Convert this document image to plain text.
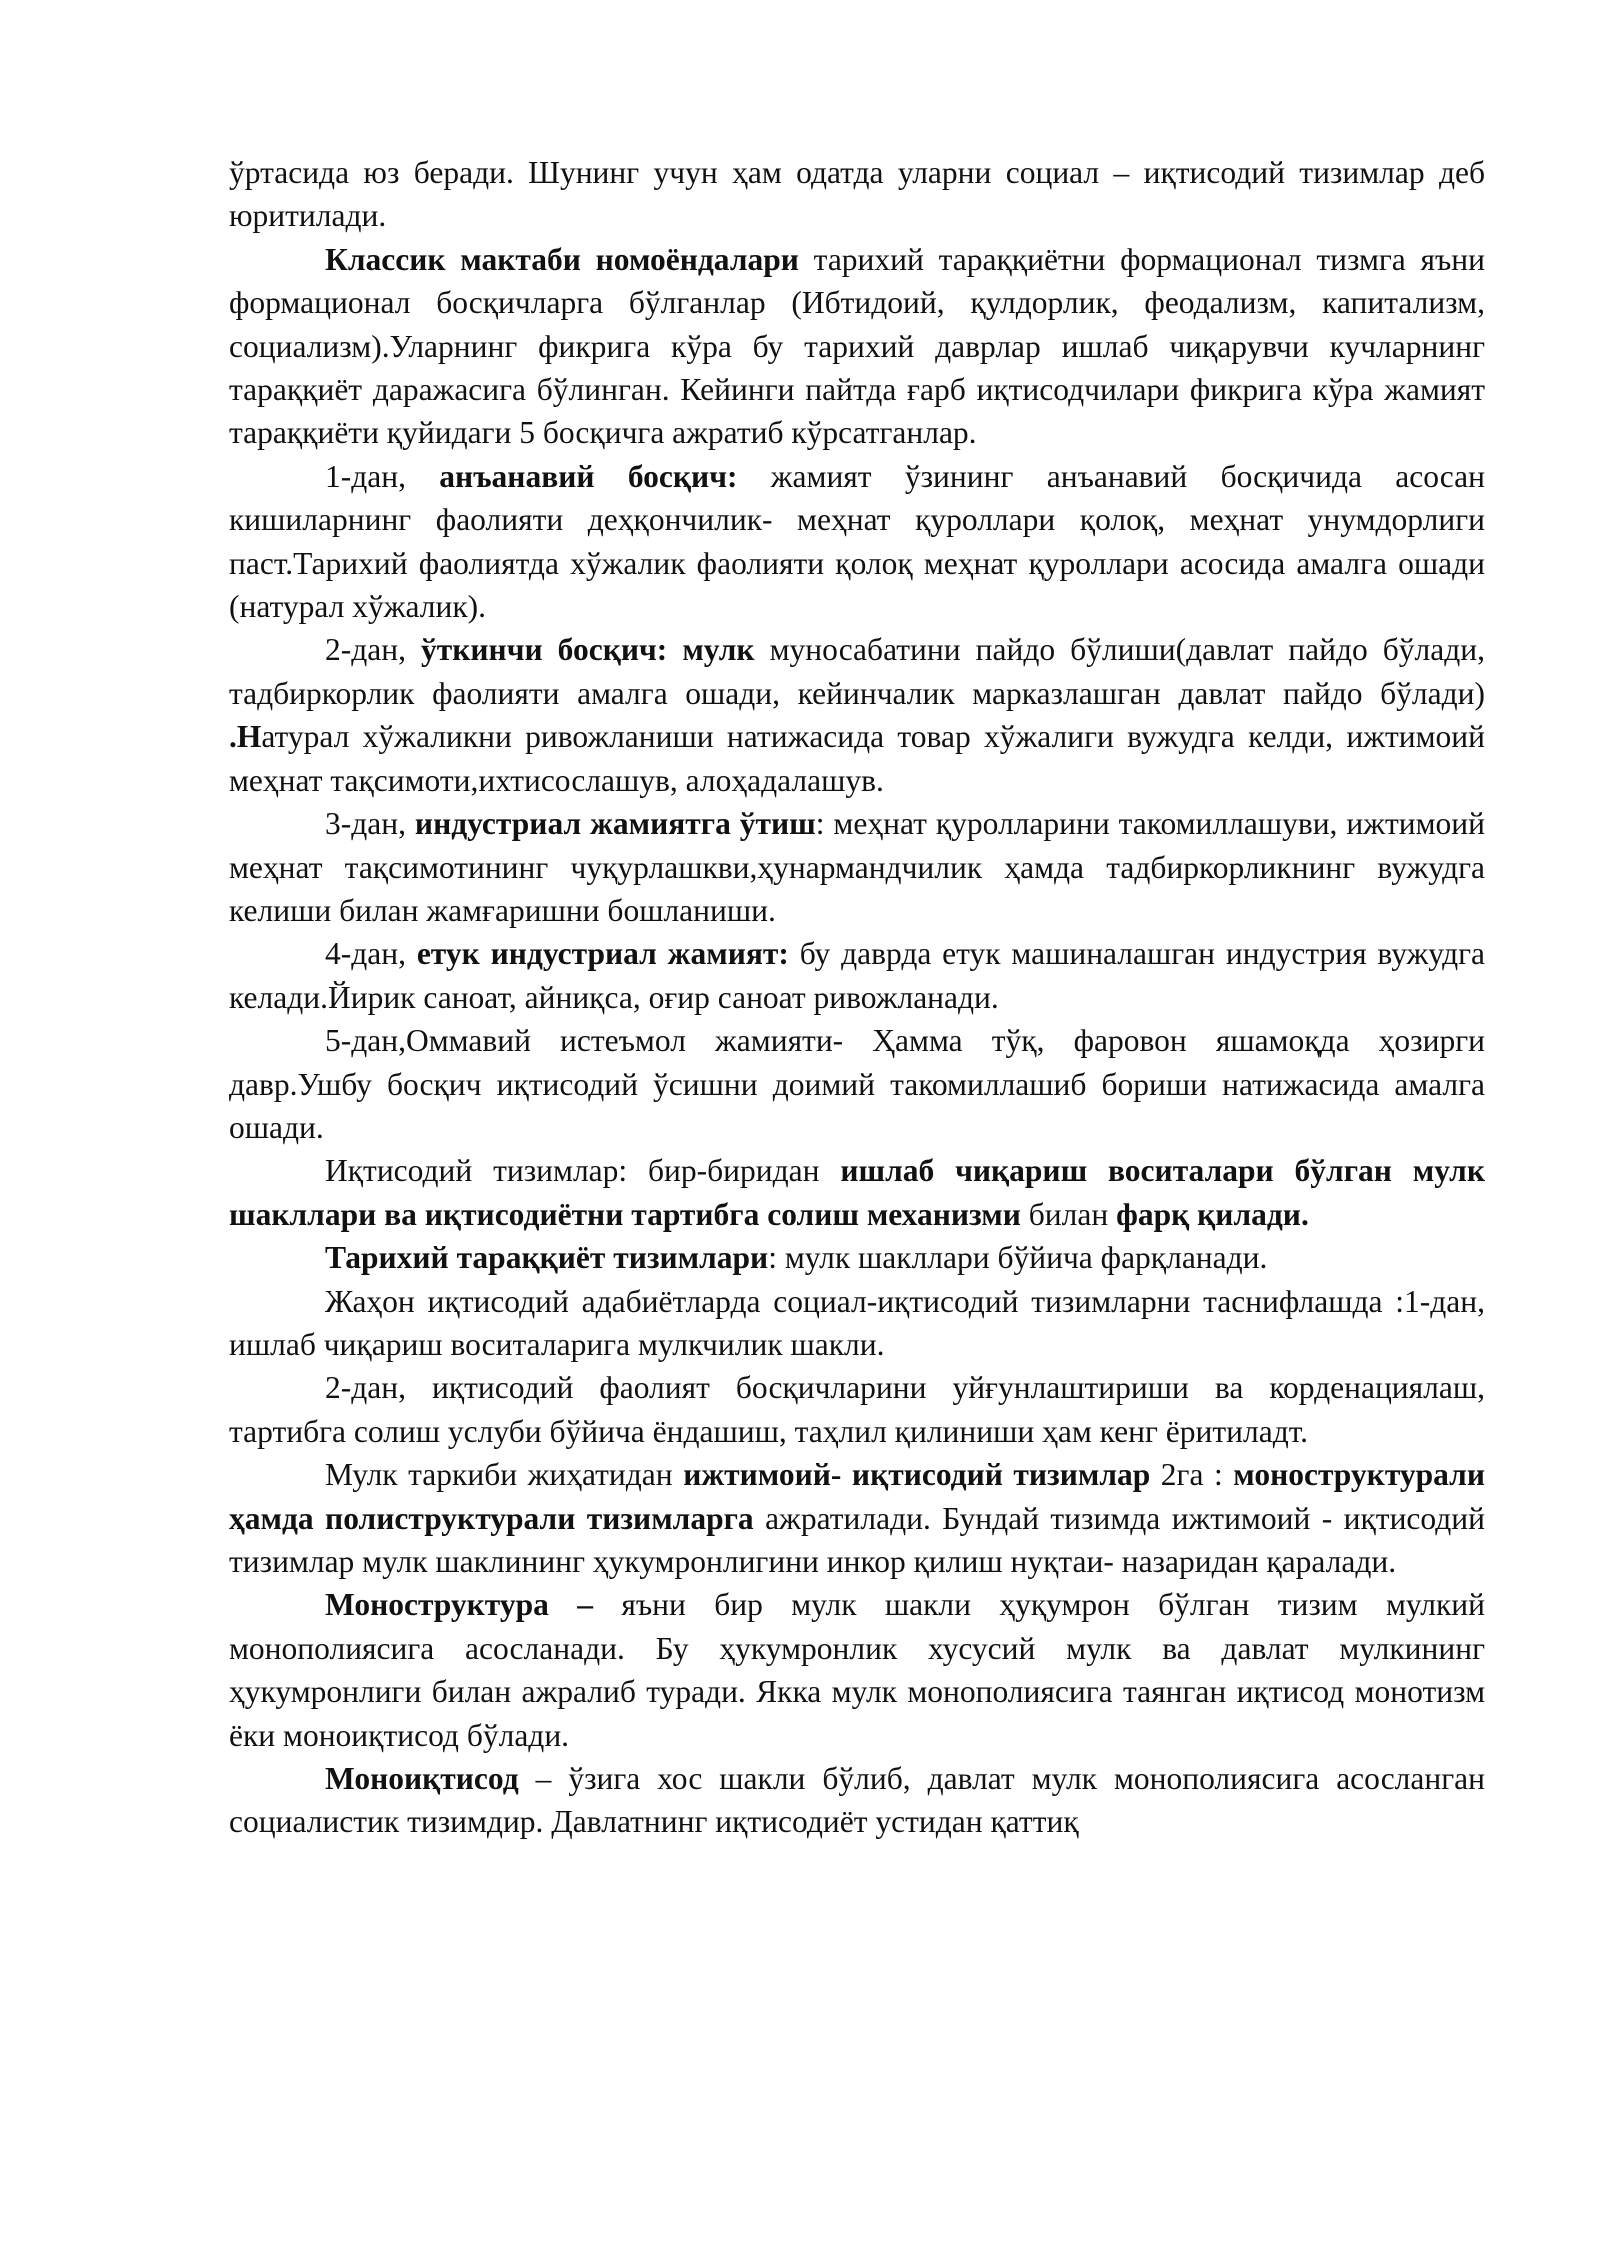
ўртасида юз беради. Шунинг учун ҳам одатда уларни социал – иқтисодий тизимлар деб юритилади.

Классик мактаби номоёндалари тарихий тараққиётни формационал тизмга яъни формационал босқичларга бўлганлар (Ибтидоий, қулдорлик, феодализм, капитализм, социализм).Уларнинг фикрига кўра бу тарихий даврлар ишлаб чиқарувчи кучларнинг тараққиёт даражасига бўлинган. Кейинги пайтда ғарб иқтисодчилари фикрига кўра жамият тараққиёти қуйидаги 5 босқичга ажратиб кўрсатганлар.

1-дан, анъанавий босқич: жамият ўзининг анъанавий босқичида асосан кишиларнинг фаолияти деҳқончилик- меҳнат қуроллари қолоқ, меҳнат унумдорлиги паст.Тарихий фаолиятда хўжалик фаолияти қолоқ меҳнат қуроллари асосида амалга ошади (натурал хўжалик).

2-дан, ўткинчи босқич: мулк муносабатини пайдо бўлиши(давлат пайдо бўлади, тадбиркорлик фаолияти амалга ошади, кейинчалик марказлашган давлат пайдо бўлади) .Натурал хўжаликни ривожланиши натижасида товар хўжалиги вужудга келди, ижтимоий меҳнат тақсимоти,ихтисослашув, алоҳадалашув.

3-дан, индустриал жамиятга ўтиш: меҳнат қуролларини такомиллашуви, ижтимоий меҳнат тақсимотининг чуқурлашкви,ҳунармандчилик ҳамда тадбиркорликнинг вужудга келиши билан жамғаришни бошланиши.

4-дан, етук индустриал жамият: бу даврда етук машиналашган индустрия вужудга келади.Йирик саноат, айниқса, оғир саноат ривожланади.

5-дан,Оммавий истеъмол жамияти- Ҳамма тўқ, фаровон яшамоқда ҳозирги давр.Ушбу босқич иқтисодий ўсишни доимий такомиллашиб бориши натижасида амалга ошади.

Иқтисодий тизимлар: бир-биридан ишлаб чиқариш воситалари бўлган мулк шакллари ва иқтисодиётни тартибга солиш механизми билан фарқ қилади.

Тарихий тараққиёт тизимлари: мулк шакллари бўйича фарқланади.

Жаҳон иқтисодий адабиётларда социал-иқтисодий тизимларни таснифлашда :1-дан, ишлаб чиқариш воситаларига мулкчилик шакли.

2-дан, иқтисодий фаолият босқичларини уйғунлаштириши ва корденациялаш, тартибга солиш услуби бўйича ёндашиш, таҳлил қилиниши ҳам кенг ёритиладт.

Мулк таркиби жиҳатидан ижтимоий- иқтисодий тизимлар 2га : моноструктурали ҳамда полиструктурали тизимларга ажратилади. Бундай тизимда ижтимоий - иқтисодий тизимлар мулк шаклининг ҳукумронлигини инкор қилиш нуқтаи- назаридан қаралади.

Моноструктура – яъни бир мулк шакли ҳуқумрон бўлган тизим мулкий монополиясига асосланади. Бу ҳукумронлик хусусий мулк ва давлат мулкининг ҳукумронлиги билан ажралиб туради. Якка мулк монополиясига таянган иқтисод монотизм ёки моноиқтисод бўлади.

Моноиқтисод – ўзига хос шакли бўлиб, давлат мулк монополиясига асосланган социалистик тизимдир. Давлатнинг иқтисодиёт устидан қаттиқ
